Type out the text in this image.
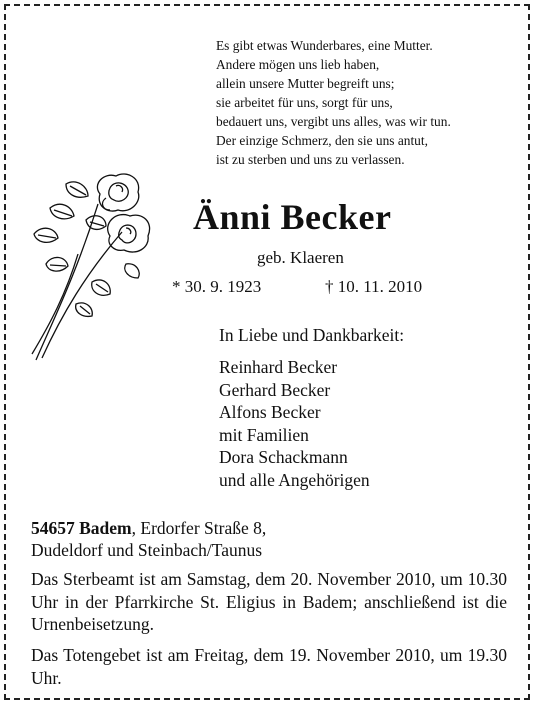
Es gibt etwas Wunderbares, eine Mutter.
Andere mögen uns lieb haben,
allein unsere Mutter begreift uns;
sie arbeitet für uns, sorgt für uns,
bedauert uns, vergibt uns alles, was wir tun.
Der einzige Schmerz, den sie uns antut,
ist zu sterben und uns zu verlassen.
Änni Becker
geb. Klaeren
* 30. 9. 1923	† 10. 11. 2010
In Liebe und Dankbarkeit:
Reinhard Becker
Gerhard Becker
Alfons Becker
mit Familien
Dora Schackmann
und alle Angehörigen
54657 Badem, Erdorfer Straße 8,
Dudeldorf und Steinbach/Taunus
Das Sterbeamt ist am Samstag, dem 20. November 2010, um 10.30 Uhr in der Pfarrkirche St. Eligius in Badem; anschließend ist die Urnenbeisetzung.
Das Totengebet ist am Freitag, dem 19. November 2010, um 19.30 Uhr.
